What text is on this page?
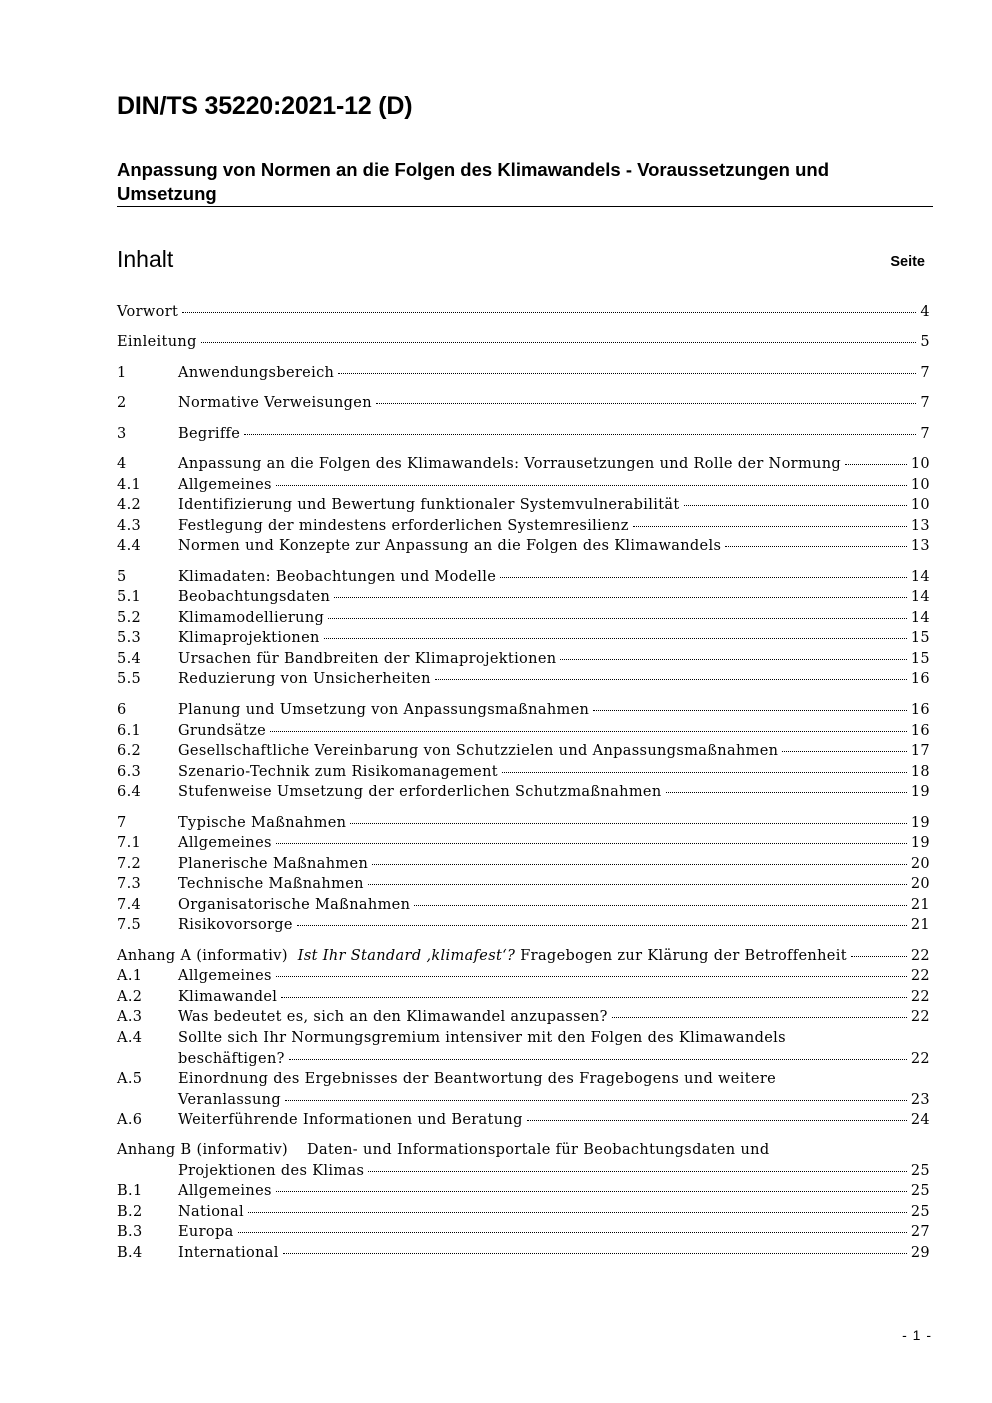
DIN/TS 35220:2021-12 (D)
Anpassung von Normen an die Folgen des Klimawandels - Voraussetzungen und Umsetzung
Inhalt	Seite
Vorwort	4
Einleitung	5
1	Anwendungsbereich	7
2	Normative Verweisungen	7
3	Begriffe	7
4	Anpassung an die Folgen des Klimawandels: Vorrausetzungen und Rolle der Normung	10
4.1	Allgemeines	10
4.2	Identifizierung und Bewertung funktionaler Systemvulnerabilität	10
4.3	Festlegung der mindestens erforderlichen Systemresilienz	13
4.4	Normen und Konzepte zur Anpassung an die Folgen des Klimawandels	13
5	Klimadaten: Beobachtungen und Modelle	14
5.1	Beobachtungsdaten	14
5.2	Klimamodellierung	14
5.3	Klimaprojektionen	15
5.4	Ursachen für Bandbreiten der Klimaprojektionen	15
5.5	Reduzierung von Unsicherheiten	16
6	Planung und Umsetzung von Anpassungsmaßnahmen	16
6.1	Grundsätze	16
6.2	Gesellschaftliche Vereinbarung von Schutzzielen und Anpassungsmaßnahmen	17
6.3	Szenario-Technik zum Risikomanagement	18
6.4	Stufenweise Umsetzung der erforderlichen Schutzmaßnahmen	19
7	Typische Maßnahmen	19
7.1	Allgemeines	19
7.2	Planerische Maßnahmen	20
7.3	Technische Maßnahmen	20
7.4	Organisatorische Maßnahmen	21
7.5	Risikovorsorge	21
Anhang A (informativ) Ist Ihr Standard ‚klimafest‘? Fragebogen zur Klärung der Betroffenheit	22
A.1 Allgemeines	22
A.2 Klimawandel	22
A.3 Was bedeutet es, sich an den Klimawandel anzupassen?	22
A.4 Sollte sich Ihr Normungsgremium intensiver mit den Folgen des Klimawandels
beschäftigen?	22
A.5 Einordnung des Ergebnisses der Beantwortung des Fragebogens und weitere
Veranlassung	23
A.6 Weiterführende Informationen und Beratung	24
Anhang B (informativ) Daten- und Informationsportale für Beobachtungsdaten und
Projektionen des Klimas	25
B.1 Allgemeines	25
B.2 National	25
B.3 Europa	27
B.4 International	29
- 1 -
